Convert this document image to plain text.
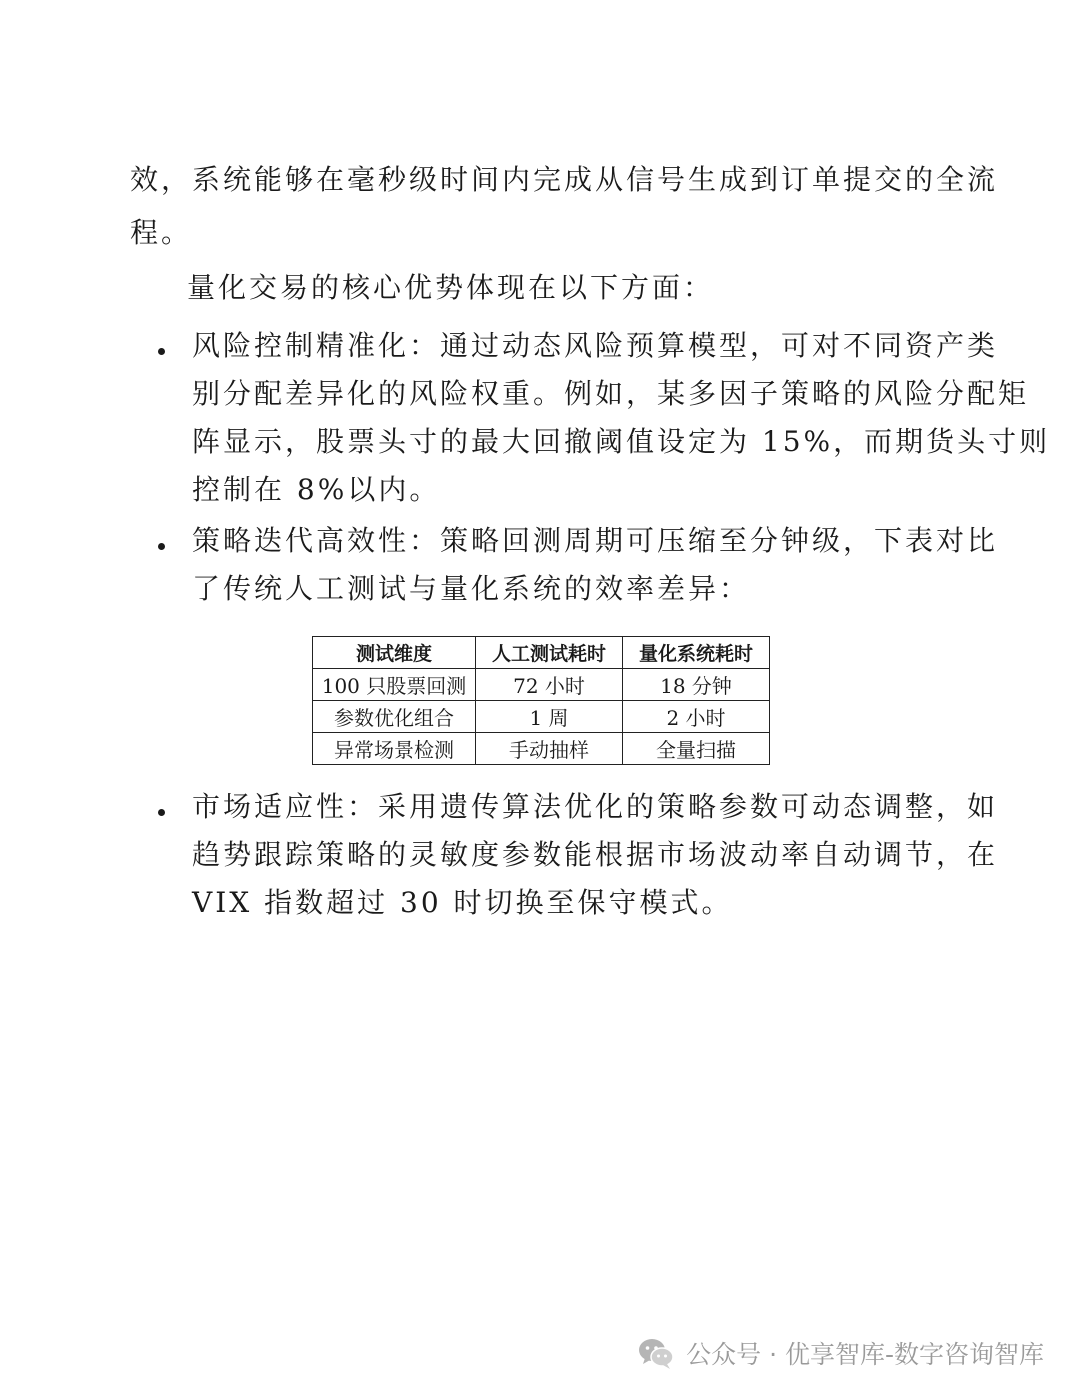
效，系统能够在毫秒级时间内完成从信号生成到订单提交的全流
程。
量化交易的核心优势体现在以下方面：
风险控制精准化：通过动态风险预算模型，可对不同资产类
别分配差异化的风险权重。例如，某多因子策略的风险分配矩
阵显示，股票头寸的最大回撤阈值设定为 15%，而期货头寸则
控制在 8%以内。
策略迭代高效性：策略回测周期可压缩至分钟级，下表对比
了传统人工测试与量化系统的效率差异：
测试维度	人工测试耗时	量化系统耗时
100 只股票回测	72 小时	18 分钟
参数优化组合	1 周	2 小时
异常场景检测	手动抽样	全量扫描
市场适应性：采用遗传算法优化的策略参数可动态调整，如
趋势跟踪策略的灵敏度参数能根据市场波动率自动调节，在
VIX 指数超过 30 时切换至保守模式。
公众号 · 优享智库-数字咨询智库
